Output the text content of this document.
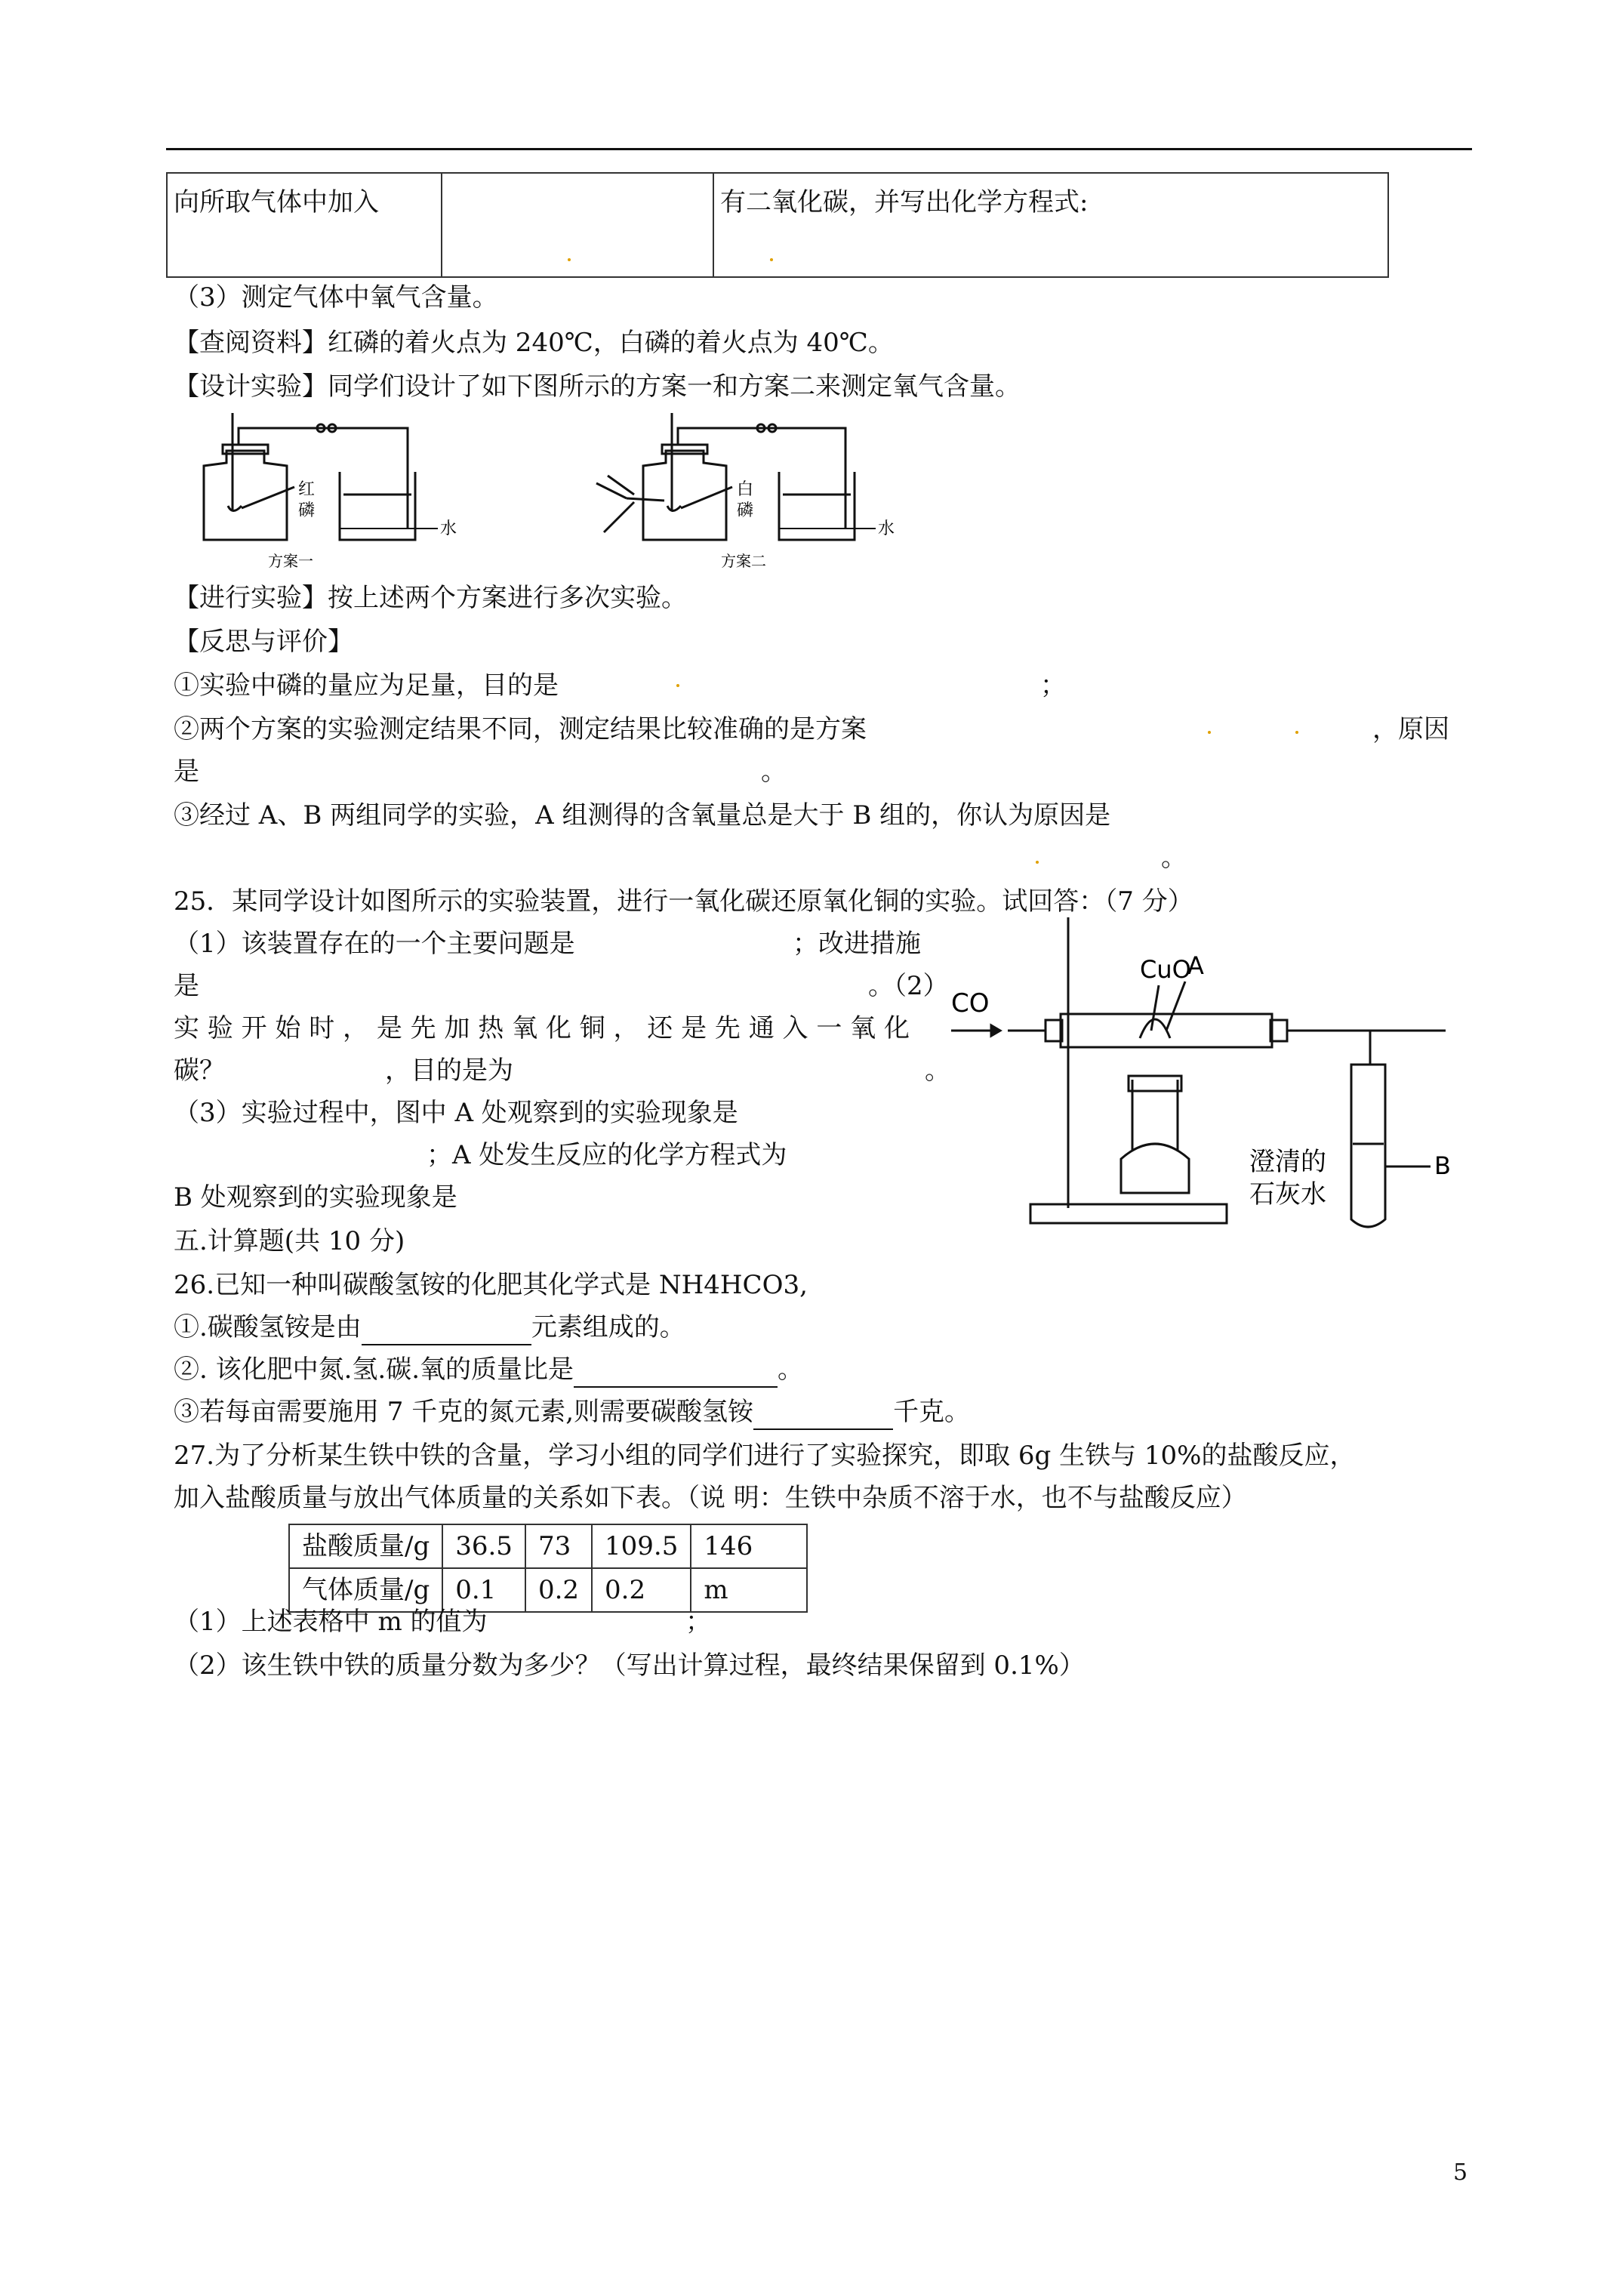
向所取气体中加入		有二氧化碳，并写出化学方程式:
（3）测定气体中氧气含量。
【查阅资料】红磷的着火点为 240℃，白磷的着火点为 40℃。
【设计实验】同学们设计了如下图所示的方案一和方案二来测定氧气含量。
红
磷
水
方案一
白
磷
水
方案二
【进行实验】按上述两个方案进行多次实验。
【反思与评价】
①实验中磷的量应为足量，目的是	；
②两个方案的实验测定结果不同，测定结果比较准确的是方案	，原因
是	。
③经过 A、B 两组同学的实验，A 组测得的含氧量总是大于 B 组的，你认为原因是
。
25．某同学设计如图所示的实验装置，进行一氧化碳还原氧化铜的实验。试回答：（7 分）
（1）该装置存在的一个主要问题是	；改进措施
是	。（2）
实 验 开 始 时 ， 是 先 加 热 氧 化 铜 ， 还 是 先 通 入 一 氧 化
碳？	，目的是为	。
（3）实验过程中，图中 A 处观察到的实验现象是
；A 处发生反应的化学方程式为
B 处观察到的实验现象是
CO
CuO
A
B
澄清的
石灰水
五.计算题(共 10 分)
26.已知一种叫碳酸氢铵的化肥其化学式是 NH4HCO3,
①.碳酸氢铵是由	元素组成的。
②. 该化肥中氮.氢.碳.氧的质量比是	。
③若每亩需要施用 7 千克的氮元素,则需要碳酸氢铵	千克。
27.为了分析某生铁中铁的含量，学习小组的同学们进行了实验探究，即取 6g 生铁与 10%的盐酸反应，
加入盐酸质量与放出气体质量的关系如下表。（说 明：生铁中杂质不溶于水，也不与盐酸反应）
盐酸质量/g	36.5	73	109.5	146
气体质量/g	0.1	0.2	0.2	m
（1）上述表格中 m 的值为	；
（2）该生铁中铁的质量分数为多少？（写出计算过程，最终结果保留到 0.1%）
5
